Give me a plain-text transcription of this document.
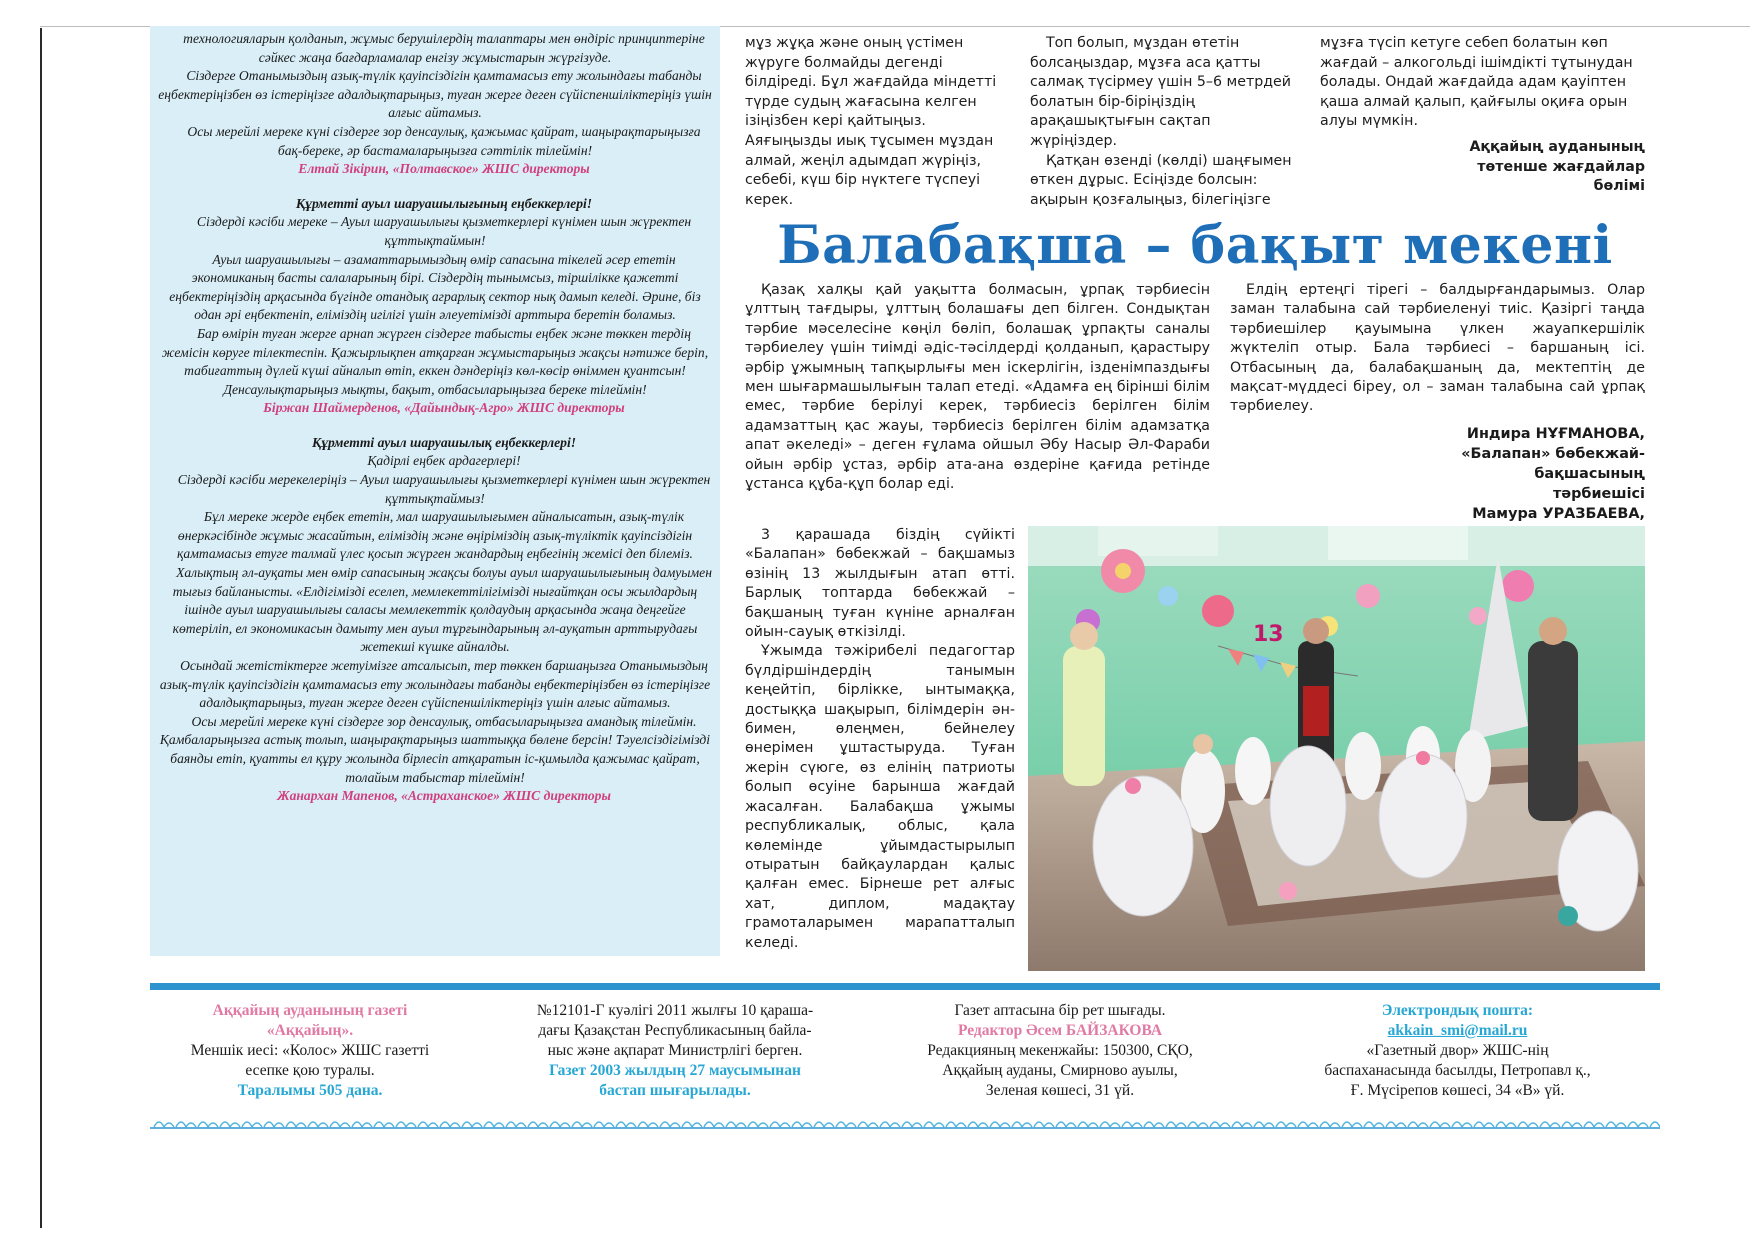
технологияларын қолданып, жұмыс берушілердің талаптары мен өндіріс принциптеріне сәйкес жаңа бағдарламалар енгізу жұмыстарын жүргізуде.

Сіздерге Отанымыздың азық-түлік қауіпсіздігін қамтамасыз ету жолындағы табанды еңбектеріңізбен өз істеріңізге адалдықтарыңыз, туған жерге деген сүйіспеншіліктеріңіз үшін алғыс айтамыз.

Осы мерейлі мереке күні сіздерге зор денсаулық, қажымас қайрат, шаңырақтарыңызға бақ-береке, әр бастамаларыңызға сәттілік тілеймін!

Елтай Зікірин, «Полтавское» ЖШС директоры

Құрметті ауыл шаруашылығының еңбеккерлері!

Сіздерді кәсіби мереке – Ауыл шаруашылығы қызметкерлері күнімен шын жүректен құттықтаймын!

Ауыл шаруашылығы – азаматтарымыздың өмір сапасына тікелей әсер ететін экономиканың басты салаларының бірі. Сіздердің тынымсыз, тіршілікке қажетті еңбектеріңіздің арқасында бүгінде отандық аграрлық сектор нық дамып келеді. Әрине, біз одан әрі еңбектеніп, еліміздің игілігі үшін әлеуетімізді арттыра беретін боламыз.

Бар өмірін туған жерге арнап жүрген сіздерге табысты еңбек және төккен тердің жемісін көруге тілектеспін. Қажырлықпен атқарған жұмыстарыңыз жақсы нәтиже беріп, табиғаттың дүлей күші айналып өтіп, еккен дәндеріңіз көл-көсір өніммен қуантсын! Денсаулықтарыңыз мықты, бақыт, отбасыларыңызға береке тілеймін!

Біржан Шаймерденов, «Дайындық-Агро» ЖШС директоры

Құрметті ауыл шаруашылық еңбеккерлері!

Қадірлі еңбек ардагерлері!

Сіздерді кәсіби мерекелеріңіз – Ауыл шаруашылығы қызметкерлері күнімен шын жүректен құттықтаймыз!

Бұл мереке жерде еңбек ететін, мал шаруашылығымен айналысатын, азық-түлік өнеркәсібінде жұмыс жасайтын, еліміздің және өңіріміздің азық-түліктік қауіпсіздігін қамтамасыз етуге талмай үлес қосып жүрген жандардың еңбегінің жемісі деп білеміз.

Халықтың әл-ауқаты мен өмір сапасының жақсы болуы ауыл шаруашылығының дамуымен тығыз байланысты. «Елдігімізді еселеп, мемлекеттілігімізді нығайтқан осы жылдардың ішінде ауыл шаруашылығы саласы мемлекеттік қолдаудың арқасында жаңа деңгейге көтеріліп, ел экономикасын дамыту мен ауыл тұрғындарының әл-ауқатын арттырудағы жетекші күшке айналды.

Осындай жетістіктерге жетуімізге атсалысып, тер төккен баршаңызға Отанымыздың азық-түлік қауіпсіздігін қамтамасыз ету жолындағы табанды еңбектеріңізбен өз істеріңізге адалдықтарыңыз, туған жерге деген сүйіспеншіліктеріңіз үшін алғыс айтамыз.

Осы мерейлі мереке күні сіздерге зор денсаулық, отбасыларыңызға амандық тілеймін. Қамбаларыңызға астық толып, шаңырақтарыңыз шаттыққа бөлене берсін! Тәуелсіздігімізді баянды етіп, қуатты ел құру жолында бірлесіп атқаратын іс-қимылда қажымас қайрат, толайым табыстар тілеймін!

Жанархан Мапенов, «Астраханское» ЖШС директоры

мұз жұқа және оның үстімен жүруге болмайды дегенді білдіреді. Бұл жағдайда міндетті түрде судың жағасына келген ізіңізбен кері қайтыңыз. Аяғыңызды иық тұсымен мұздан алмай, жеңіл адымдап жүріңіз, себебі, күш бір нүктеге түспеуі керек.

Топ болып, мұздан өтетін болсаңыздар, мұзға аса қатты салмақ түсірмеу үшін 5–6 метрдей болатын бір-біріңіздің арақашықтығын сақтап жүріңіздер.

Қатқан өзенді (көлді) шаңғымен өткен дұрыс. Есіңізде болсын: ақырын қозғалыңыз, білегіңізге

мұзға түсіп кетуге себеп болатын көп жағдай – алкогольді ішімдікті тұтынудан болады. Ондай жағдайда адам қауіптен қаша алмай қалып, қайғылы оқиға орын алуы мүмкін.

Аққайың ауданының

төтенше жағдайлар

бөлімі

Балабақша – бақыт мекені

Қазақ халқы қай уақытта болмасын, ұрпақ тәрбиесін ұлттың тағдыры, ұлттың болашағы деп білген. Сондықтан тәрбие мәселесіне көңіл бөліп, болашақ ұрпақты саналы тәрбиелеу үшін тиімді әдіс-тәсілдерді қолданып, қарастыру әрбір ұжымның тапқырлығы мен іскерлігін, ізденімпаздығы мен шығармашылығын талап етеді. «Адамға ең бірінші білім емес, тәрбие берілуі керек, тәрбиесіз берілген білім адамзаттың қас жауы, тәрбиесіз берілген білім адамзатқа апат әкеледі» – деген ғұлама ойшыл Әбу Насыр Әл-Фараби ойын әрбір ұстаз, әрбір ата-ана өздеріне қағида ретінде ұстанса құба-құп болар еді.

3 қарашада біздің сүйікті «Балапан» бөбекжай – бақшамыз өзінің 13 жылдығын атап өтті. Барлық топтарда бөбекжай – бақшаның туған күніне арналған ойын-сауық өткізілді.

Ұжымда тәжірибелі педагогтар бүлдіршіндердің танымын кеңейтіп, бірлікке, ынтымаққа, достыққа шақырып, білімдерін ән-бимен, өлеңмен, бейнелеу өнерімен ұштастыруда. Туған жерін сүюге, өз елінің патриоты болып өсуіне барынша жағдай жасалған. Балабақша ұжымы республикалық, облыс, қала көлемінде ұйымдастырылып отыратын байқаулардан қалыс қалған емес. Бірнеше рет алғыс хат, диплом, мадақтау грамоталарымен марапатталып келеді.

Елдің ертеңгі тірегі – балдырғандарымыз. Олар заман талабына сай тәрбиеленуі тиіс. Қазіргі таңда тәрбиешілер қауымына үлкен жауапкершілік жүктеліп отыр. Бала тәрбиесі – баршаның ісі. Отбасының да, балабақшаның да, мектептің де мақсат-мүддесі біреу, ол – заман талабына сай ұрпақ тәрбиелеу.

Индира НҰҒМАНОВА,
«Балапан» бөбекжай-бақшасының
тәрбиешісі
Мамура УРАЗБАЕВА,
13
Аққайың ауданының газеті
«Аққайың».
Меншік иесі: «Колос» ЖШС газетті
есепке қою туралы.
Таралымы 505 дана.
№12101-Г куәлігі 2011 жылғы 10 қараша-
дағы Қазақстан Республикасының байла-
ныс және ақпарат Министрлігі берген.
Газет 2003 жылдың 27 маусымынан
бастап шығарылады.
Газет аптасына бір рет шығады.
Редактор Әсем БАЙЗАКОВА
Редакцияның мекенжайы: 150300, СҚО,
Аққайың ауданы, Смирново ауылы,
Зеленая көшесі, 31 үй.
Электрондық пошта:
akkain_smi@mail.ru
«Газетный двор» ЖШС-нің
баспаханасында басылды, Петропавл қ.,
Ғ. Мүсірепов көшесі, 34 «В» үй.
